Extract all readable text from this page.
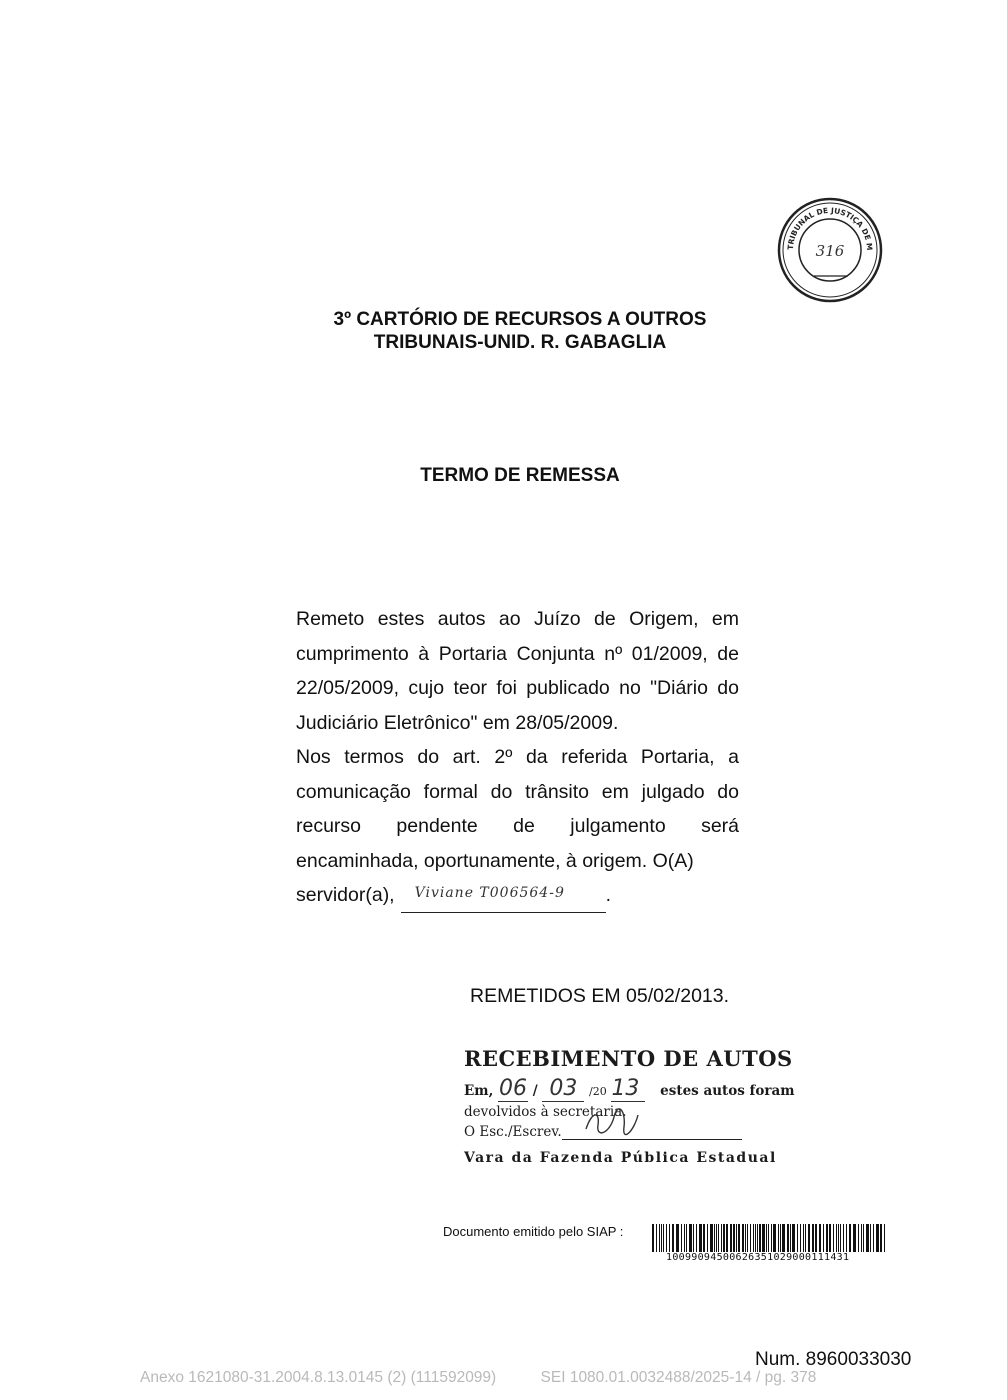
TRIBUNAL DE JUSTIÇA DE M
316
3º CARTÓRIO DE RECURSOS A OUTROS
TRIBUNAIS-UNID. R. GABAGLIA
TERMO DE REMESSA

Remeto estes autos ao Juízo de Origem, em cumprimento à Portaria Conjunta nº 01/2009, de 22/05/2009, cujo teor foi publicado no "Diário do Judiciário Eletrônico" em 28/05/2009.

Nos termos do art. 2º da referida Portaria, a comunicação formal do trânsito em julgado do recurso pendente de julgamento será encaminhada, oportunamente, à origem. O(A)

servidor(a), Viviane T006564-9 .
REMETIDOS EM 05/02/2013.
RECEBIMENTO DE AUTOS
Em, 06 / 03 /20 13 estes autos foram
devolvidos à secretaria.
O Esc./Escrev.
Vara da Fazenda Pública Estadual
Documento emitido pelo SIAP :
10099094500626351029000111431
Num. 8960033030
Anexo 1621080-31.2004.8.13.0145 (2) (111592099)	SEI 1080.01.0032488/2025-14 / pg. 378
